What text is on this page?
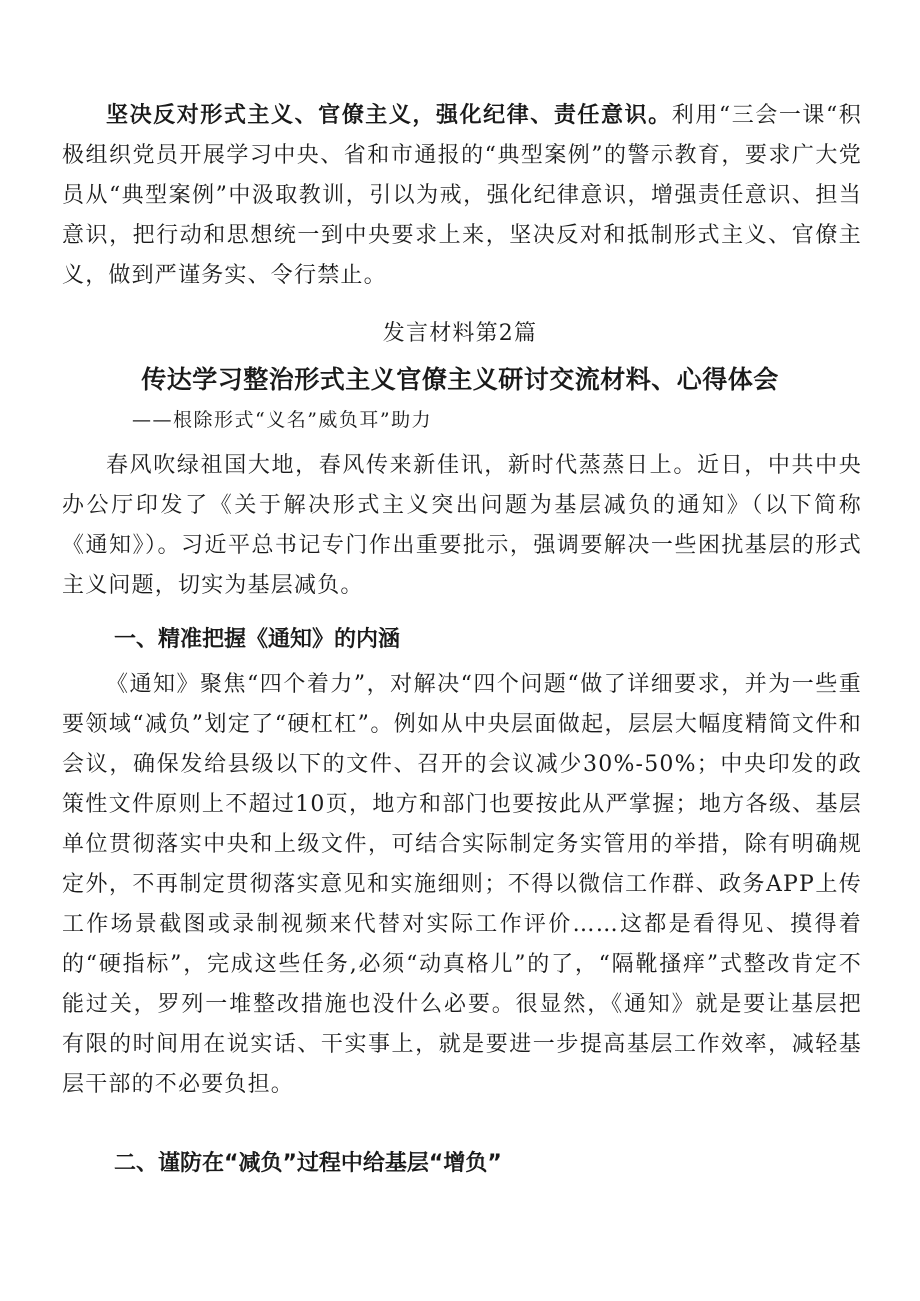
坚决反对形式主义、官僚主义，强化纪律、责任意识。利用“三会一课“积极组织党员开展学习中央、省和市通报的“典型案例”的警示教育，要求广大党员从“典型案例”中汲取教训，引以为戒，强化纪律意识，增强责任意识、担当意识，把行动和思想统一到中央要求上来，坚决反对和抵制形式主义、官僚主义，做到严谨务实、令行禁止。

发言材料第2篇

传达学习整治形式主义官僚主义研讨交流材料、心得体会

——根除形式“义名”威负耳”助力

春风吹绿祖国大地，春风传来新佳讯，新时代蒸蒸日上。近日，中共中央办公厅印发了《关于解决形式主义突出问题为基层减负的通知》（以下简称《通知》）。习近平总书记专门作出重要批示，强调要解决一些困扰基层的形式主义问题，切实为基层减负。

一、精准把握《通知》的内涵

《通知》聚焦“四个着力”，对解决“四个问题“做了详细要求，并为一些重要领域“减负”划定了“硬杠杠”。例如从中央层面做起，层层大幅度精简文件和会议，确保发给县级以下的文件、召开的会议减少30%-50%；中央印发的政策性文件原则上不超过10页，地方和部门也要按此从严掌握；地方各级、基层单位贯彻落实中央和上级文件，可结合实际制定务实管用的举措，除有明确规定外，不再制定贯彻落实意见和实施细则；不得以微信工作群、政务APP上传工作场景截图或录制视频来代替对实际工作评价……这都是看得见、摸得着的“硬指标”，完成这些任务,必须“动真格儿”的了，“隔靴搔痒”式整改肯定不能过关，罗列一堆整改措施也没什么必要。很显然，《通知》就是要让基层把有限的时间用在说实话、干实事上，就是要进一步提高基层工作效率，减轻基层干部的不必要负担。

二、谨防在“减负”过程中给基层“增负”
